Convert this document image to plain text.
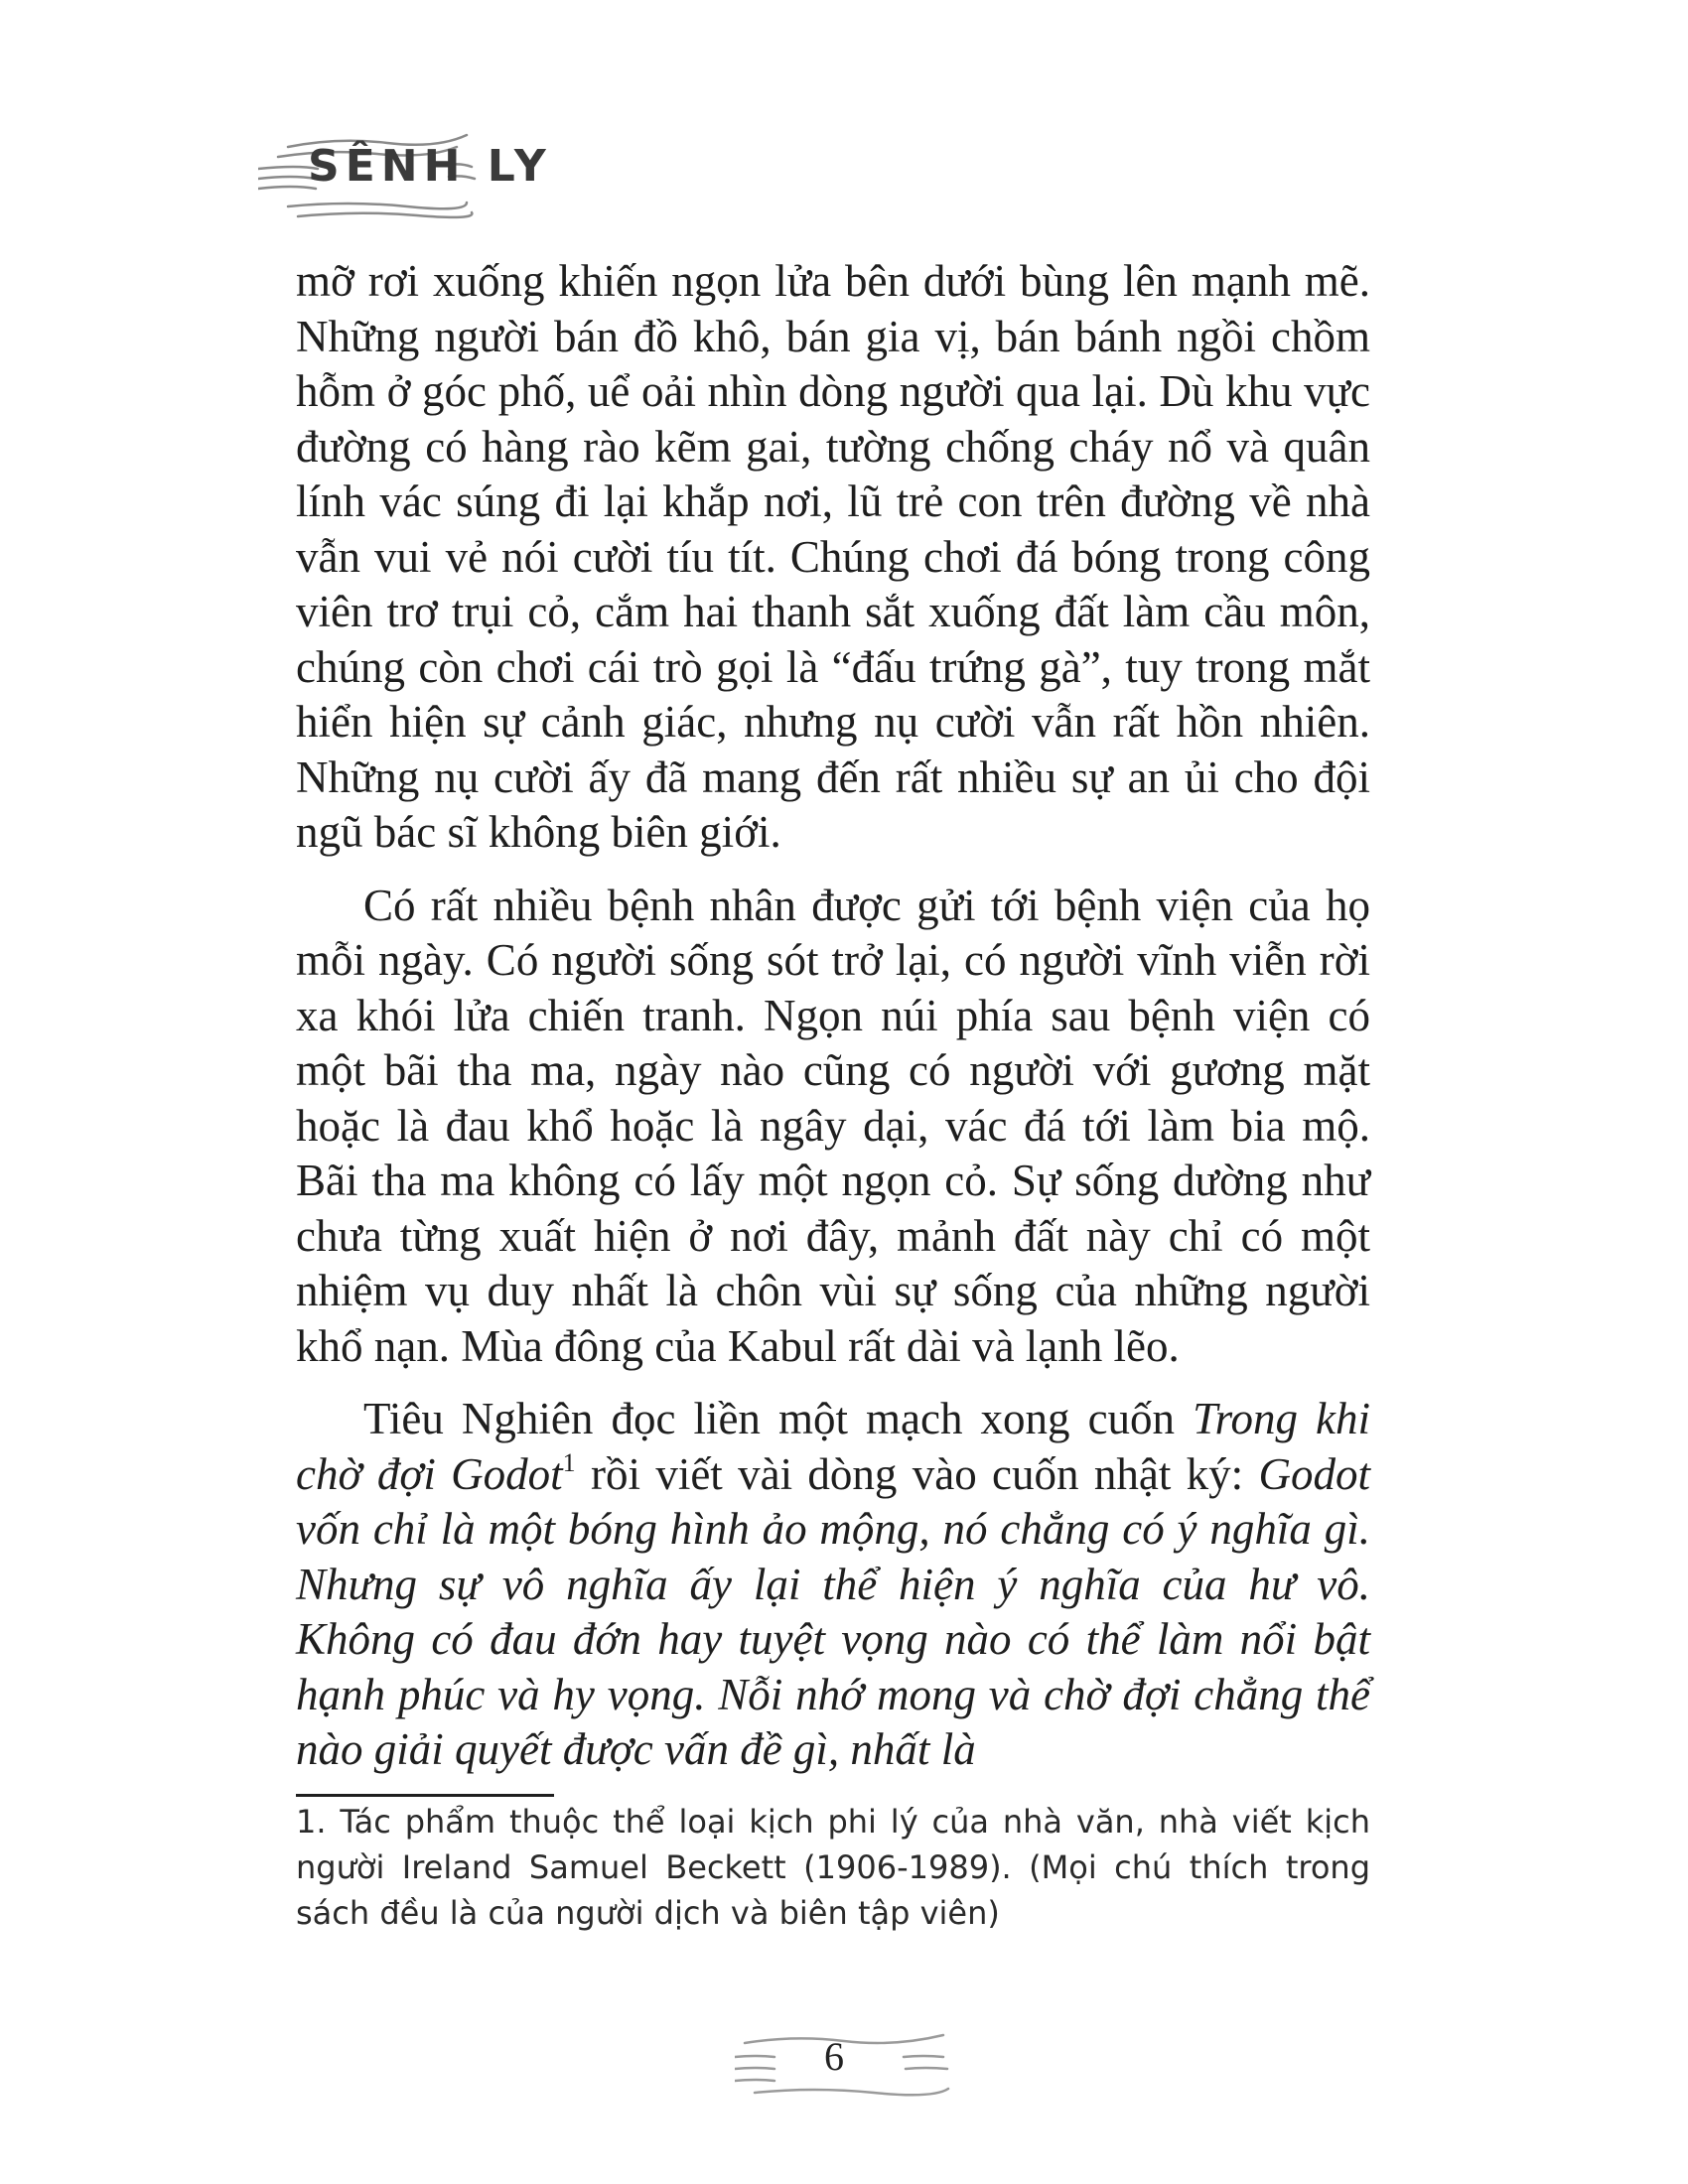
SÊNH LY

mỡ rơi xuống khiến ngọn lửa bên dưới bùng lên mạnh mẽ. Những người bán đồ khô, bán gia vị, bán bánh ngồi chồm hỗm ở góc phố, uể oải nhìn dòng người qua lại. Dù khu vực đường có hàng rào kẽm gai, tường chống cháy nổ và quân lính vác súng đi lại khắp nơi, lũ trẻ con trên đường về nhà vẫn vui vẻ nói cười tíu tít. Chúng chơi đá bóng trong công viên trơ trụi cỏ, cắm hai thanh sắt xuống đất làm cầu môn, chúng còn chơi cái trò gọi là “đấu trứng gà”, tuy trong mắt hiển hiện sự cảnh giác, nhưng nụ cười vẫn rất hồn nhiên. Những nụ cười ấy đã mang đến rất nhiều sự an ủi cho đội ngũ bác sĩ không biên giới.

Có rất nhiều bệnh nhân được gửi tới bệnh viện của họ mỗi ngày. Có người sống sót trở lại, có người vĩnh viễn rời xa khói lửa chiến tranh. Ngọn núi phía sau bệnh viện có một bãi tha ma, ngày nào cũng có người với gương mặt hoặc là đau khổ hoặc là ngây dại, vác đá tới làm bia mộ. Bãi tha ma không có lấy một ngọn cỏ. Sự sống dường như chưa từng xuất hiện ở nơi đây, mảnh đất này chỉ có một nhiệm vụ duy nhất là chôn vùi sự sống của những người khổ nạn. Mùa đông của Kabul rất dài và lạnh lẽo.

Tiêu Nghiên đọc liền một mạch xong cuốn Trong khi chờ đợi Godot$^1$ rồi viết vài dòng vào cuốn nhật ký: Godot vốn chỉ là một bóng hình ảo mộng, nó chẳng có ý nghĩa gì. Nhưng sự vô nghĩa ấy lại thể hiện ý nghĩa của hư vô. Không có đau đớn hay tuyệt vọng nào có thể làm nổi bật hạnh phúc và hy vọng. Nỗi nhớ mong và chờ đợi chẳng thể nào giải quyết được vấn đề gì, nhất là

1. Tác phẩm thuộc thể loại kịch phi lý của nhà văn, nhà viết kịch người Ireland Samuel Beckett (1906-1989). (Mọi chú thích trong sách đều là của người dịch và biên tập viên)
6
